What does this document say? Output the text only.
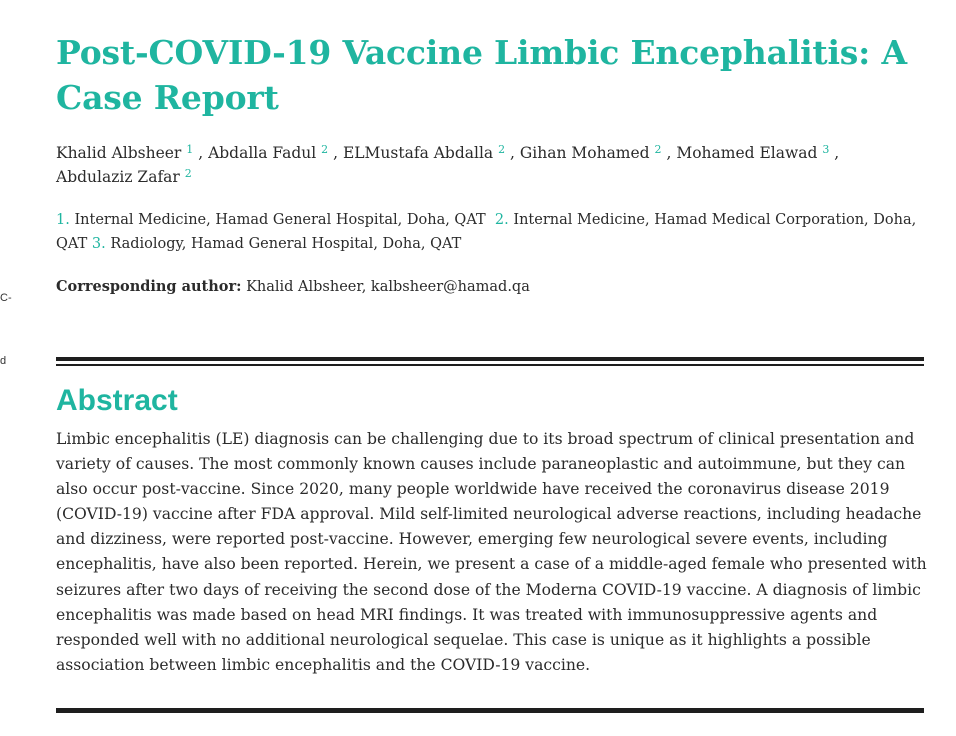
C-
d
Post-COVID-19 Vaccine Limbic Encephalitis: A Case Report
Khalid Albsheer $^1$ , Abdalla Fadul $^2$ , ELMustafa Abdalla $^2$ , Gihan Mohamed $^2$ , Mohamed Elawad $^3$ ,
Abdulaziz Zafar $^2$
1. Internal Medicine, Hamad General Hospital, Doha, QAT 2. Internal Medicine, Hamad Medical Corporation, Doha, QAT 3. Radiology, Hamad General Hospital, Doha, QAT
Corresponding author: Khalid Albsheer, kalbsheer@hamad.qa
Abstract

Limbic encephalitis (LE) diagnosis can be challenging due to its broad spectrum of clinical presentation and variety of causes. The most commonly known causes include paraneoplastic and autoimmune, but they can also occur post-vaccine. Since 2020, many people worldwide have received the coronavirus disease 2019 (COVID-19) vaccine after FDA approval. Mild self-limited neurological adverse reactions, including headache and dizziness, were reported post-vaccine. However, emerging few neurological severe events, including encephalitis, have also been reported. Herein, we present a case of a middle-aged female who presented with seizures after two days of receiving the second dose of the Moderna COVID-19 vaccine. A diagnosis of limbic encephalitis was made based on head MRI findings. It was treated with immunosuppressive agents and responded well with no additional neurological sequelae. This case is unique as it highlights a possible association between limbic encephalitis and the COVID-19 vaccine.
